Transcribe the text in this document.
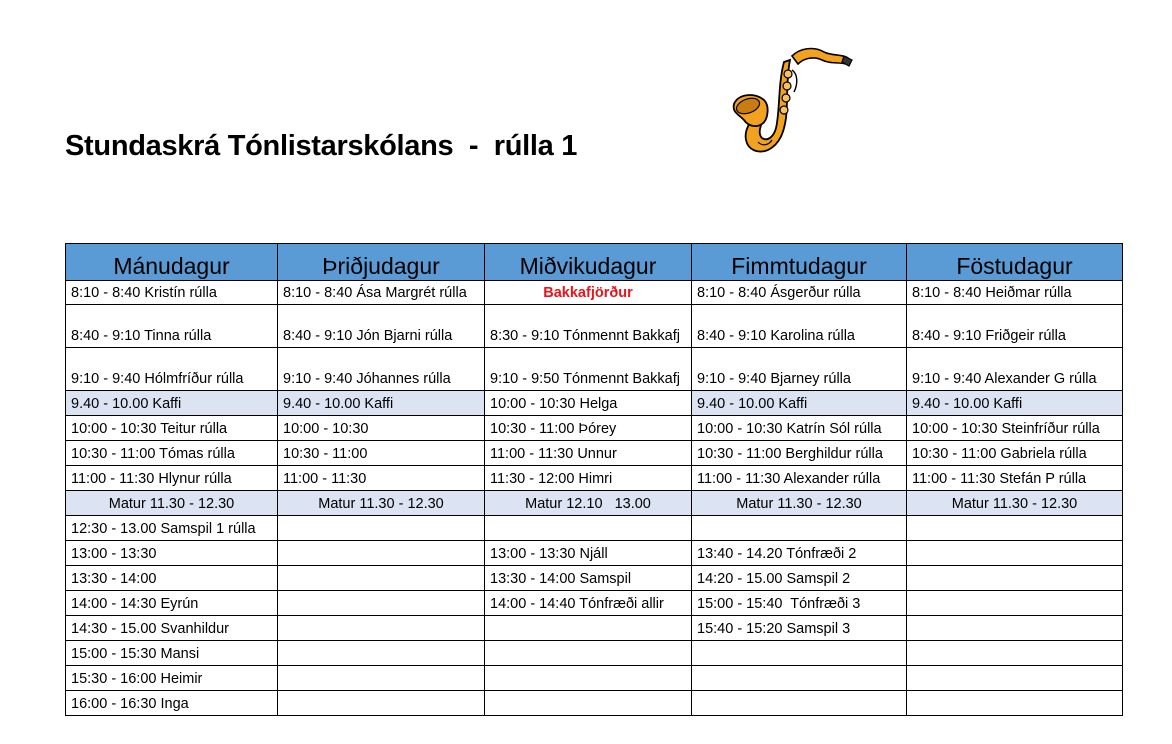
Stundaskrá Tónlistarskólans  -  rúlla 1
Mánudagur	Þriðjudagur	Miðvikudagur	Fimmtudagur	Föstudagur
8:10 - 8:40 Kristín rúlla	8:10 - 8:40 Ása Margrét rúlla	Bakkafjörður	8:10 - 8:40 Ásgerður rúlla	8:10 - 8:40 Heiðmar rúlla
8:40 - 9:10 Tinna rúlla	8:40 - 9:10 Jón Bjarni rúlla	8:30 - 9:10 Tónmennt Bakkafj	8:40 - 9:10 Karolina rúlla	8:40 - 9:10 Friðgeir rúlla
9:10 - 9:40 Hólmfríður rúlla	9:10 - 9:40 Jóhannes rúlla	9:10 - 9:50 Tónmennt Bakkafj	9:10 - 9:40 Bjarney rúlla	9:10 - 9:40 Alexander G rúlla
9.40 - 10.00 Kaffi	9.40 - 10.00 Kaffi	10:00 - 10:30 Helga	9.40 - 10.00 Kaffi	9.40 - 10.00 Kaffi
10:00 - 10:30 Teitur rúlla	10:00 - 10:30	10:30 - 11:00 Þórey	10:00 - 10:30 Katrín Sól rúlla	10:00 - 10:30 Steinfríður rúlla
10:30 - 11:00 Tómas rúlla	10:30 - 11:00	11:00 - 11:30 Unnur	10:30 - 11:00 Berghildur rúlla	10:30 - 11:00 Gabriela rúlla
11:00 - 11:30 Hlynur rúlla	11:00 - 11:30	11:30 - 12:00 Himri	11:00 - 11:30 Alexander rúlla	11:00 - 11:30 Stefán P rúlla
Matur 11.30 - 12.30	Matur 11.30 - 12.30	Matur 12.10   13.00	Matur 11.30 - 12.30	Matur 11.30 - 12.30
12:30 - 13.00 Samspil 1 rúlla				
13:00 - 13:30		13:00 - 13:30 Njáll	13:40 - 14.20 Tónfræði 2	
13:30 - 14:00		13:30 - 14:00 Samspil	14:20 - 15.00 Samspil 2	
14:00 - 14:30 Eyrún		14:00 - 14:40 Tónfræði allir	15:00 - 15:40  Tónfræði 3	
14:30 - 15.00 Svanhildur			15:40 - 15:20 Samspil 3	
15:00 - 15:30 Mansi				
15:30 - 16:00 Heimir				
16:00 - 16:30 Inga				
